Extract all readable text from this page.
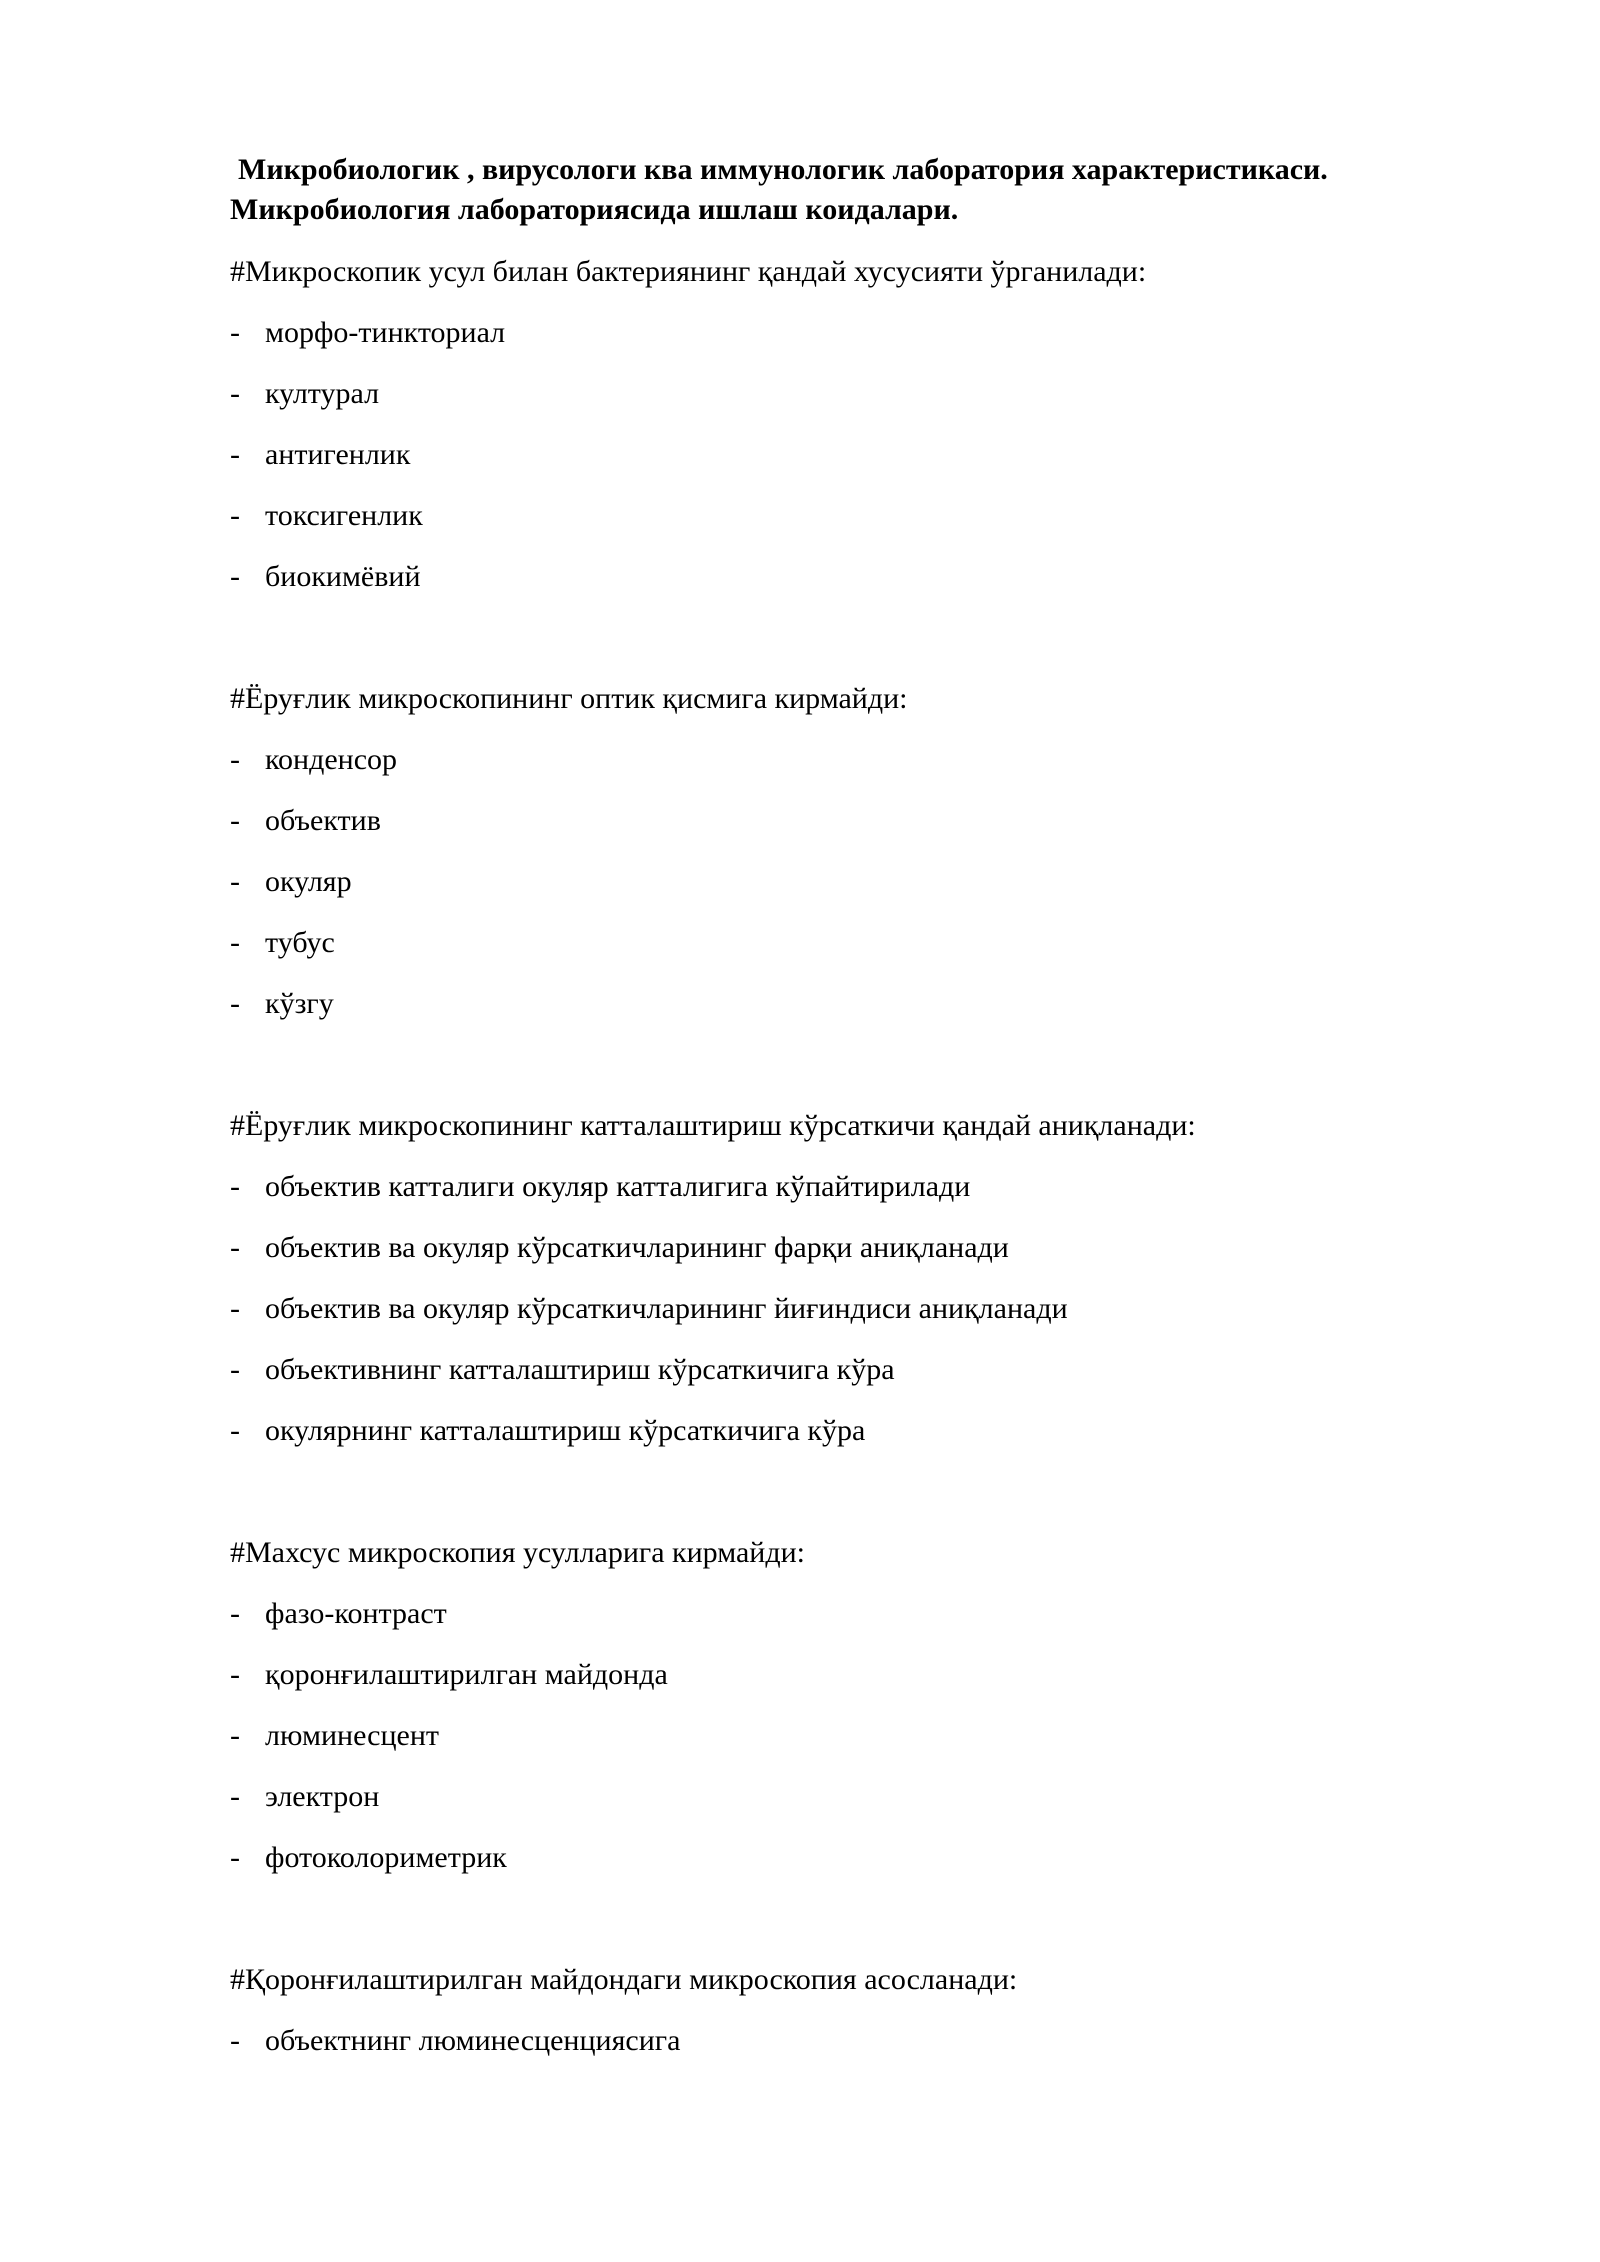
Микробиологик , вирусологи ква иммунологик лаборатория характеристикаси.
Микробиология лабораториясида ишлаш коидалари.

#Микроскопик усул билан бактериянинг қандай хусусияти ўрганилади:

- морфо-тинкториал
- културал
- антигенлик
- токсигенлик
- биокимёвий

#Ёруғлик микроскопининг оптик қисмига кирмайди:

- конденсор
- объектив
- окуляр
- тубус
- кўзгу

#Ёруғлик микроскопининг катталаштириш кўрсаткичи қандай аниқланади:

- объектив катталиги окуляр катталигига кўпайтирилади
- объектив ва окуляр кўрсаткичларининг фарқи аниқланади
- объектив ва окуляр кўрсаткичларининг йиғиндиси аниқланади
- объективнинг катталаштириш кўрсаткичига кўра
- окулярнинг катталаштириш кўрсаткичига кўра

#Махсус микроскопия усулларига кирмайди:

- фазо-контраст
- қоронғилаштирилган майдонда
- люминесцент
- электрон
- фотоколориметрик

#Қоронғилаштирилган майдондаги микроскопия асосланади:

- объектнинг люминесценциясига
